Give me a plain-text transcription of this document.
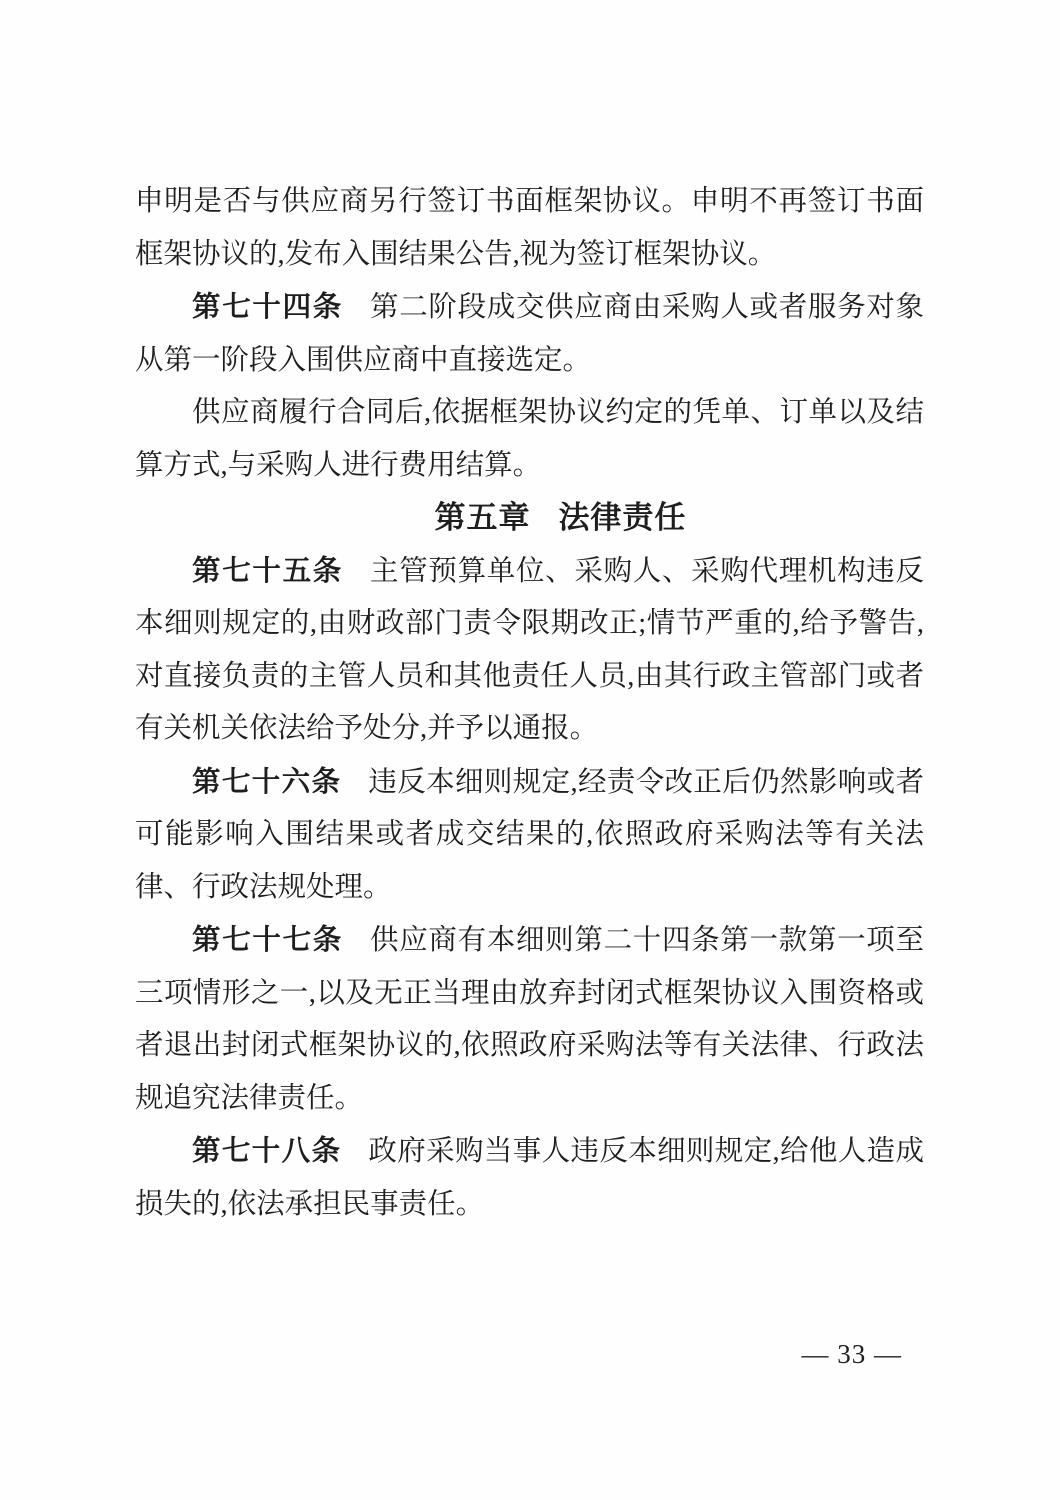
申明是否与供应商另行签订书面框架协议。申明不再签订书面框架协议的,发布入围结果公告,视为签订框架协议。

第七十四条 第二阶段成交供应商由采购人或者服务对象从第一阶段入围供应商中直接选定。

供应商履行合同后,依据框架协议约定的凭单、订单以及结算方式,与采购人进行费用结算。

第五章 法律责任

第七十五条 主管预算单位、采购人、采购代理机构违反本细则规定的,由财政部门责令限期改正;情节严重的,给予警告,对直接负责的主管人员和其他责任人员,由其行政主管部门或者有关机关依法给予处分,并予以通报。

第七十六条 违反本细则规定,经责令改正后仍然影响或者可能影响入围结果或者成交结果的,依照政府采购法等有关法律、行政法规处理。

第七十七条 供应商有本细则第二十四条第一款第一项至三项情形之一,以及无正当理由放弃封闭式框架协议入围资格或者退出封闭式框架协议的,依照政府采购法等有关法律、行政法规追究法律责任。

第七十八条 政府采购当事人违反本细则规定,给他人造成损失的,依法承担民事责任。

— 33 —
